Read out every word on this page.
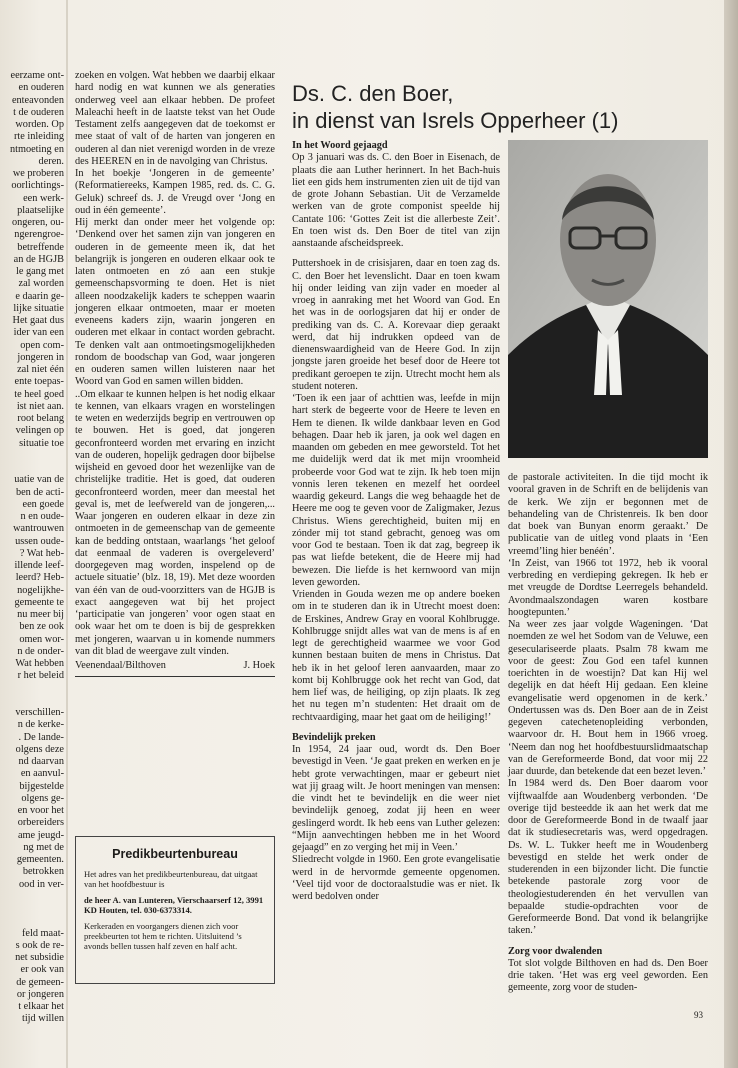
eerzame ont-

en ouderen

enteavonden

t de ouderen

worden. Op

rte inleiding

ntmoeting en

deren.

we proberen

oorlichtings-

een werk-

plaatselijke

ongeren, ou-

ngerengroe-

betreffende

an de HGJB

le gang met

zal worden

e daarin ge-

lijke situatie

Het gaat dus

ider van een

open com-

jongeren in

zal niet één

ente toepas-

te heel goed

ist niet aan.

root belang

velingen op

situatie toe

uatie van de

ben de acti-

een goede

n en oude-

wantrouwen

ussen oude-

? Wat heb-

illende leef-

leerd? Heb-

nogelijkhe-

gemeente te

nu meer bij

ben ze ook

omen wor-

n de onder-

Wat hebben

r het beleid

verschillen-

n de kerke-

. De lande-

olgens deze

nd daarvan

en aanvul-

bijgestelde

olgens ge-

en voor het

orbereiders

ame jeugd-

ng met de

gemeenten.

betrokken

ood in ver-

feld maat-

s ook de re-

net subsidie

er ook van

de gemeen-

or jongeren

t elkaar het

tijd willen

zoeken en volgen. Wat hebben we daarbij elkaar hard nodig en wat kunnen we als generaties onderweg veel aan elkaar hebben. De profeet Maleachi heeft in de laatste tekst van het Oude Testament zelfs aangegeven dat de toekomst er mee staat of valt of de harten van jongeren en ouderen al dan niet verenigd worden in de vreze des HEEREN en in de navolging van Christus.

In het boekje ‘Jongeren in de gemeente’ (Reformatiereeks, Kampen 1985, red. ds. C. G. Geluk) schreef ds. J. de Vreugd over ‘Jong en oud in één gemeente’.

Hij merkt dan onder meer het volgende op: ‘Denkend over het samen zijn van jongeren en ouderen in de gemeente meen ik, dat het belangrijk is jongeren en ouderen elkaar ook te laten ontmoeten en zó aan een stukje gemeenschapsvorming te doen. Het is niet alleen noodzakelijk kaders te scheppen waarin jongeren elkaar ontmoeten, maar er moeten eveneens kaders zijn, waarin jongeren en ouderen met elkaar in contact worden gebracht. Te denken valt aan ontmoetingsmogelijkheden rondom de boodschap van God, waar jongeren en ouderen samen willen luisteren naar het Woord van God en samen willen bidden.

..Om elkaar te kunnen helpen is het nodig elkaar te kennen, van elkaars vragen en worstelingen te weten en wederzijds begrip en vertrouwen op te bouwen. Het is goed, dat jongeren geconfronteerd worden met ervaring en inzicht van de ouderen, hopelijk gedragen door bijbelse wijsheid en gevoed door het wezenlijke van de christelijke traditie. Het is goed, dat ouderen geconfronteerd worden, meer dan meestal het geval is, met de leefwereld van de jongeren,... Waar jongeren en ouderen elkaar in deze zin ontmoeten in de gemeenschap van de gemeente kan de bedding ontstaan, waarlangs ‘het geloof dat eenmaal de vaderen is overgeleverd’ doorgegeven mag worden, inspelend op de actuele situatie’ (blz. 18, 19). Met deze woorden van één van de oud-voorzitters van de HGJB is exact aangegeven wat bij het project ‘participatie van jongeren’ voor ogen staat en ook waar het om te doen is bij de gesprekken met jongeren, waarvan u in komende nummers van dit blad de weergave zult vinden.

Veenendaal/Bilthoven	J. Hoek
Predikbeurtenbureau

Het adres van het predikbeurtenbureau, dat uitgaat van het hoofdbestuur is

de heer A. van Lunteren, Vierschaarserf 12, 3991 KD Houten, tel. 030-6373314.

Kerkeraden en voorgangers dienen zich voor preekbeurten tot hem te richten. Uitsluitend ’s avonds bellen tussen half zeven en half acht.

Ds. C. den Boer,
in dienst van Isrels Opperheer (1)

In het Woord gejaagd

Op 3 januari was ds. C. den Boer in Eisenach, de plaats die aan Luther herinnert. In het Bach-huis liet een gids hem instrumenten zien uit de tijd van de grote Johann Sebastian. Uit de Verzamelde werken van de grote componist speelde hij Cantate 106: ‘Gottes Zeit ist die allerbeste Zeit’. En toen wist ds. Den Boer de titel van zijn aanstaande afscheidspreek.

Puttershoek in de crisisjaren, daar en toen zag ds. C. den Boer het levenslicht. Daar en toen kwam hij onder leiding van zijn vader en moeder al vroeg in aanraking met het Woord van God. En het was in de oorlogsjaren dat hij er onder de prediking van ds. C. A. Korevaar diep geraakt werd, dat hij indrukken opdeed van de dienenswaardigheid van de Heere God. In zijn jongste jaren groeide het besef door de Heere tot predikant geroepen te zijn. Utrecht mocht hem als student noteren.

‘Toen ik een jaar of achttien was, leefde in mijn hart sterk de begeerte voor de Heere te leven en Hem te dienen. Ik wilde dankbaar leven en God behagen. Daar heb ik jaren, ja ook wel dagen en maanden om gebeden en mee geworsteld. Tot het me duidelijk werd dat ik met mijn vroomheid probeerde voor God wat te zijn. Ik heb toen mijn vonnis leren tekenen en mezelf het oordeel waardig gekeurd. Langs die weg behaagde het de Heere me oog te geven voor de Zaligmaker, Jezus Christus. Wiens gerechtigheid, buiten mij en zónder mij tot stand gebracht, genoeg was om voor God te bestaan. Toen ik dat zag, begreep ik pas wat liefde betekent, die de Heere mij had bewezen. Die liefde is het kernwoord van mijn leven geworden.

Vrienden in Gouda wezen me op andere boeken om in te studeren dan ik in Utrecht moest doen: de Erskines, Andrew Gray en vooral Kohlbrugge. Kohlbrugge snijdt alles wat van de mens is af en legt de gerechtigheid waarmee we voor God kunnen bestaan buiten de mens in Christus. Dat heb ik in het geloof leren aanvaarden, maar zo komt bij Kohlbrugge ook het recht van God, dat hem lief was, de heiliging, op zijn plaats. Ik zeg het nu tegen m’n studenten: Het draait om de rechtvaardiging, maar het gaat om de heiliging!’

Bevindelijk preken

In 1954, 24 jaar oud, wordt ds. Den Boer bevestigd in Veen. ‘Je gaat preken en werken en je hebt grote verwachtingen, maar er gebeurt niet wat jij graag wilt. Je hoort meningen van mensen: die vindt het te bevindelijk en die weer niet bevindelijk genoeg, zodat jij heen en weer geslingerd wordt. Ik heb eens van Luther gelezen: “Mijn aanvechtingen hebben me in het Woord gejaagd” en zo verging het mij in Veen.’

Sliedrecht volgde in 1960. Een grote evangelisatie werd in de hervormde gemeente opgenomen. ‘Veel tijd voor de doctoraalstudie was er niet. Ik werd bedolven onder

de pastorale activiteiten. In die tijd mocht ik vooral graven in de Schrift en de belijdenis van de kerk. We zijn er begonnen met de behandeling van de Christenreis. Ik ben door dat boek van Bunyan enorm geraakt.’ De publicatie van de uitleg vond plaats in ‘Een vreemd’ling hier benéén’.

‘In Zeist, van 1966 tot 1972, heb ik vooral verbreding en verdieping gekregen. Ik heb er met vreugde de Dordtse Leerregels behandeld. Avondmaalszondagen waren kostbare hoogtepunten.’

Na weer zes jaar volgde Wageningen. ‘Dat noemden ze wel het Sodom van de Veluwe, een geseculariseerde plaats. Psalm 78 kwam me voor de geest: Zou God een tafel kunnen toerichten in de woestijn? Dat kan Hij wel degelijk en dat héeft Hij gedaan. Een kleine evangelisatie werd opgenomen in de kerk.’ Ondertussen was ds. Den Boer aan de in Zeist gegeven catechetenopleiding verbonden, waarvoor dr. H. Bout hem in 1966 vroeg. ‘Neem dan nog het hoofdbestuurslidmaatschap van de Gereformeerde Bond, dat voor mij 22 jaar duurde, dan betekende dat een bezet leven.’

In 1984 werd ds. Den Boer daarom voor vijftwaalfde aan Woudenberg verbonden. ‘De overige tijd besteedde ik aan het werk dat me door de Gereformeerde Bond in de twaalf jaar dat ik studiesecretaris was, werd opgedragen. Ds. W. L. Tukker heeft me in Woudenberg bevestigd en stelde het werk onder de studerenden in een bijzonder licht. Die functie betekende pastorale zorg voor de theologiestuderenden én het vervullen van bepaalde studie-opdrachten voor de Gereformeerde Bond. Dat vond ik belangrijke taken.’

Zorg voor dwalenden

Tot slot volgde Bilthoven en had ds. Den Boer drie taken. ‘Het was erg veel geworden. Een gemeente, zorg voor de studen-

93
